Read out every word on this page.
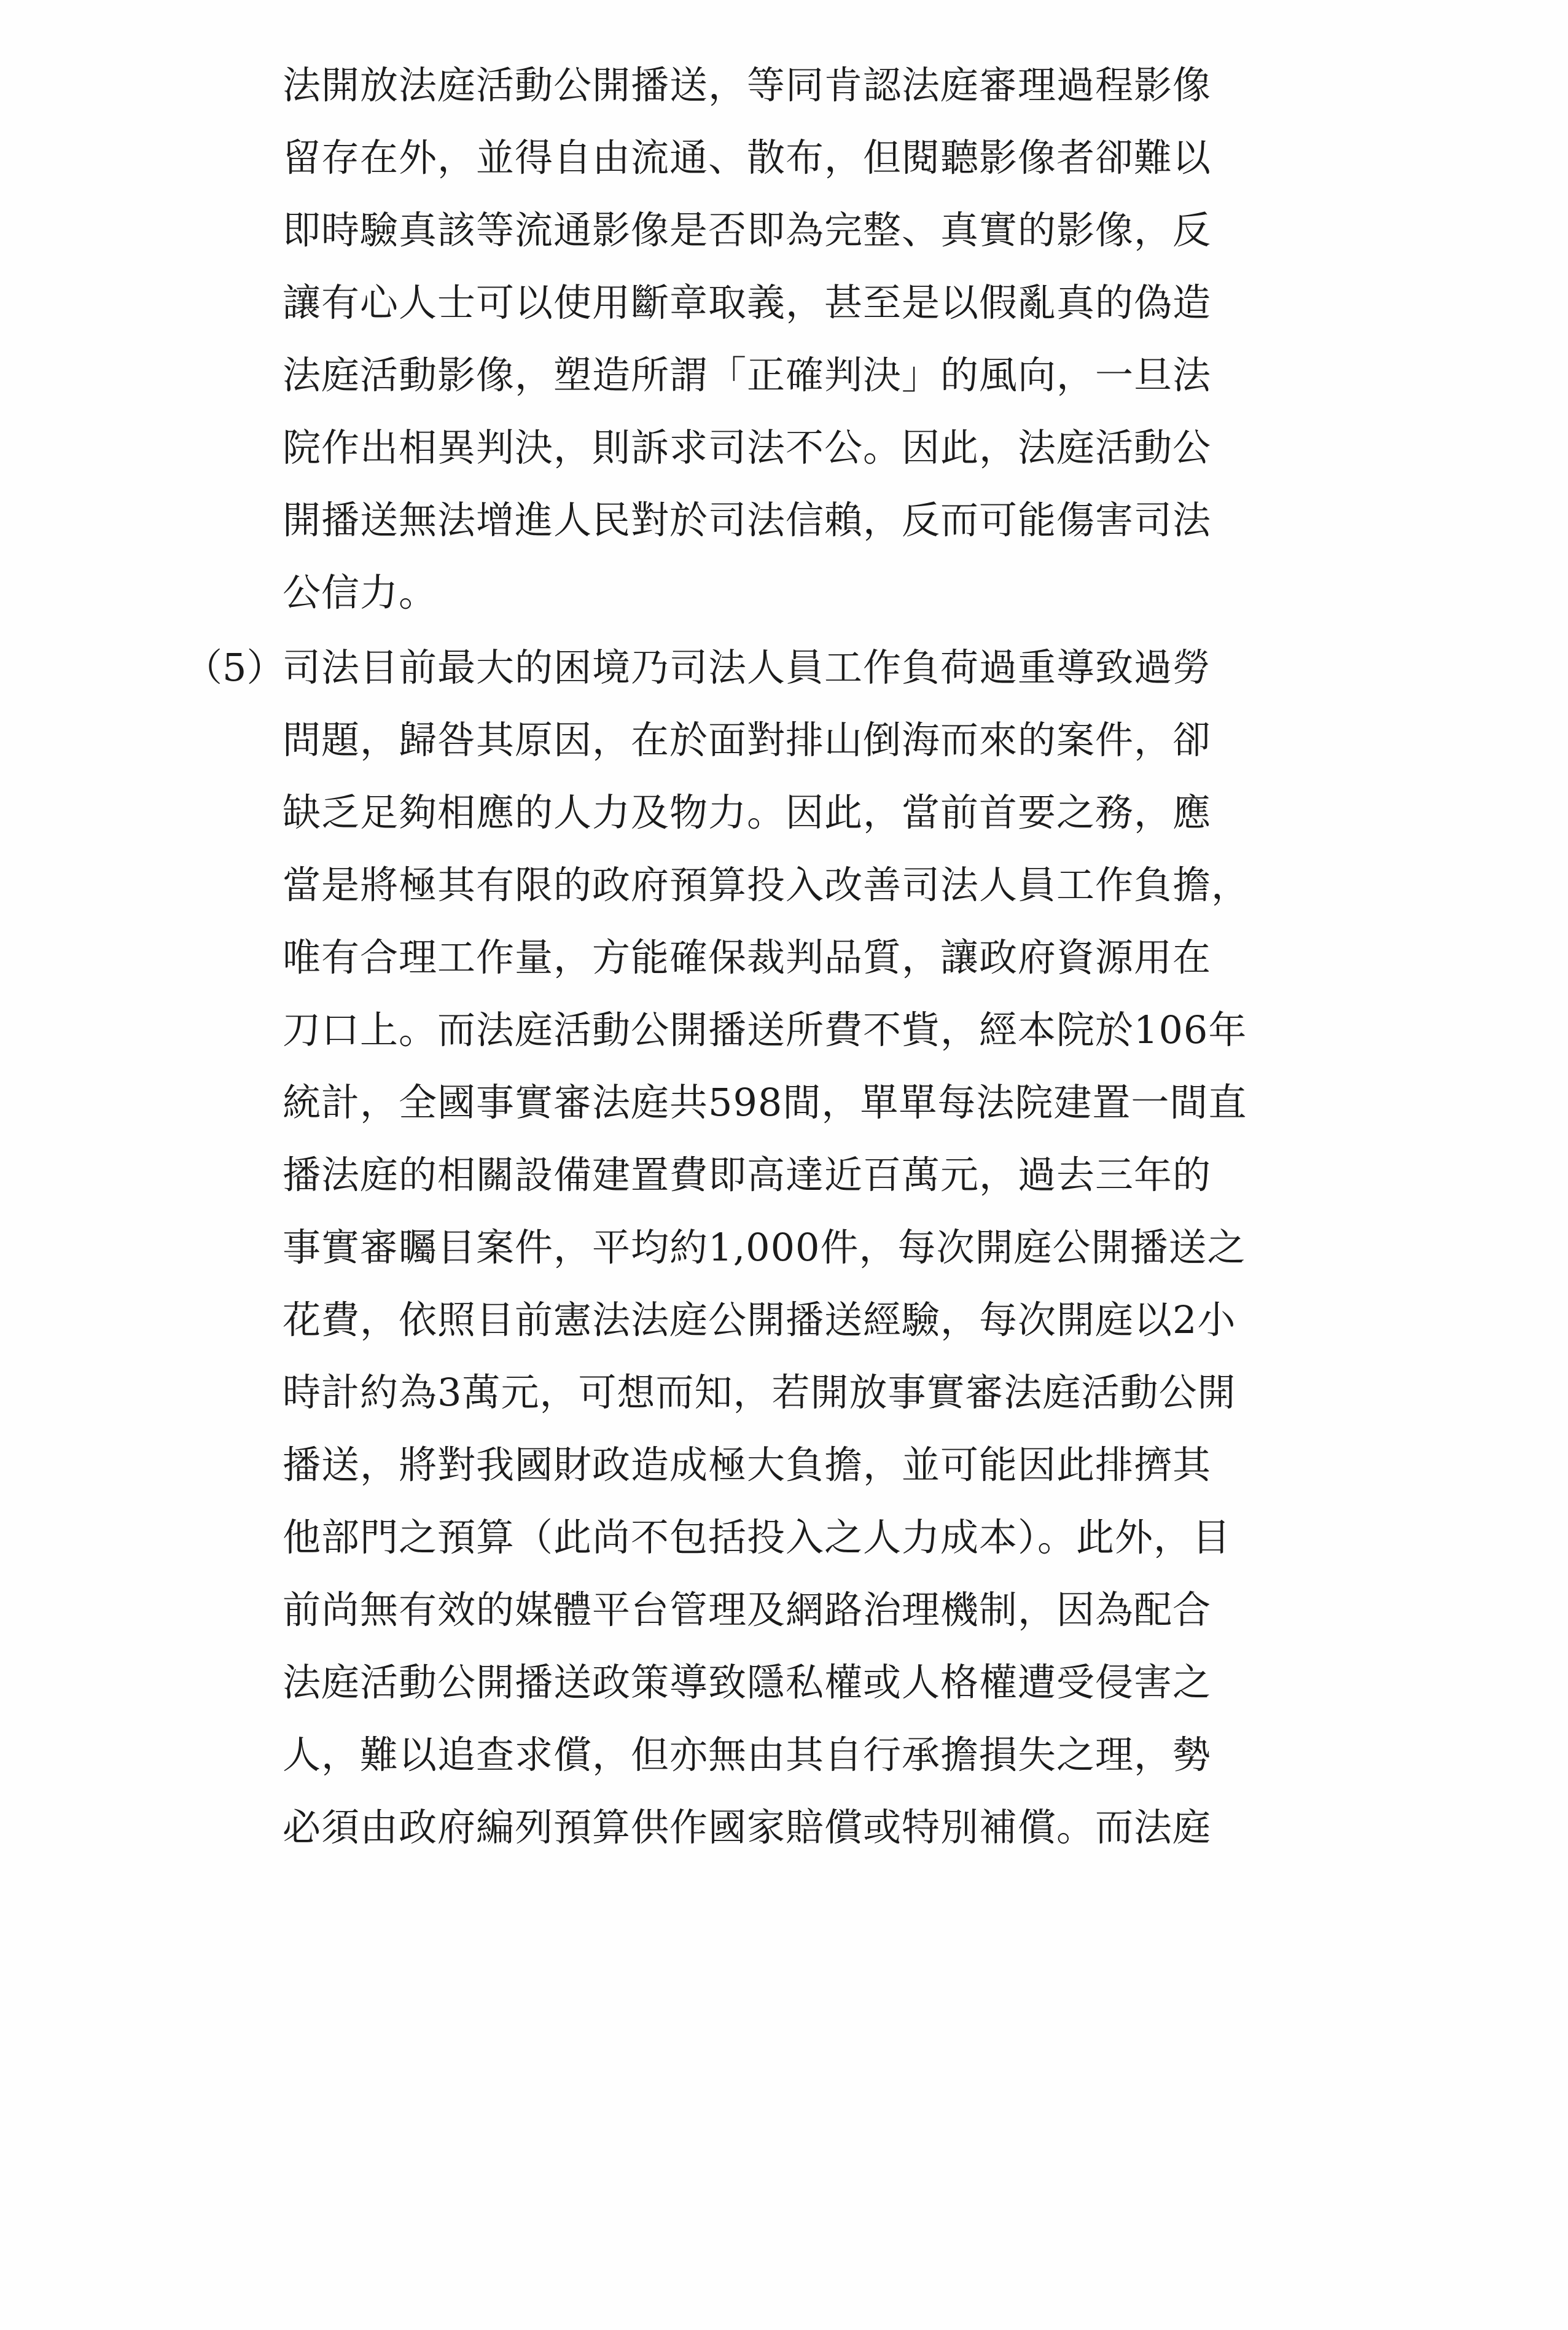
法開放法庭活動公開播送，等同肯認法庭審理過程影像
留存在外，並得自由流通、散布，但閱聽影像者卻難以
即時驗真該等流通影像是否即為完整、真實的影像，反
讓有心人士可以使用斷章取義，甚至是以假亂真的偽造
法庭活動影像，塑造所謂「正確判決」的風向，一旦法
院作出相異判決，則訴求司法不公。因此，法庭活動公
開播送無法增進人民對於司法信賴，反而可能傷害司法
公信力。
（5）
司法目前最大的困境乃司法人員工作負荷過重導致過勞
問題，歸咎其原因，在於面對排山倒海而來的案件，卻
缺乏足夠相應的人力及物力。因此，當前首要之務，應
當是將極其有限的政府預算投入改善司法人員工作負擔，
唯有合理工作量，方能確保裁判品質，讓政府資源用在
刀口上。而法庭活動公開播送所費不貲，經本院於106年
統計，全國事實審法庭共598間，單單每法院建置一間直
播法庭的相關設備建置費即高達近百萬元，過去三年的
事實審矚目案件，平均約1,000件，每次開庭公開播送之
花費，依照目前憲法法庭公開播送經驗，每次開庭以2小
時計約為3萬元，可想而知，若開放事實審法庭活動公開
播送，將對我國財政造成極大負擔，並可能因此排擠其
他部門之預算（此尚不包括投入之人力成本）。此外，目
前尚無有效的媒體平台管理及網路治理機制，因為配合
法庭活動公開播送政策導致隱私權或人格權遭受侵害之
人，難以追查求償，但亦無由其自行承擔損失之理，勢
必須由政府編列預算供作國家賠償或特別補償。而法庭
